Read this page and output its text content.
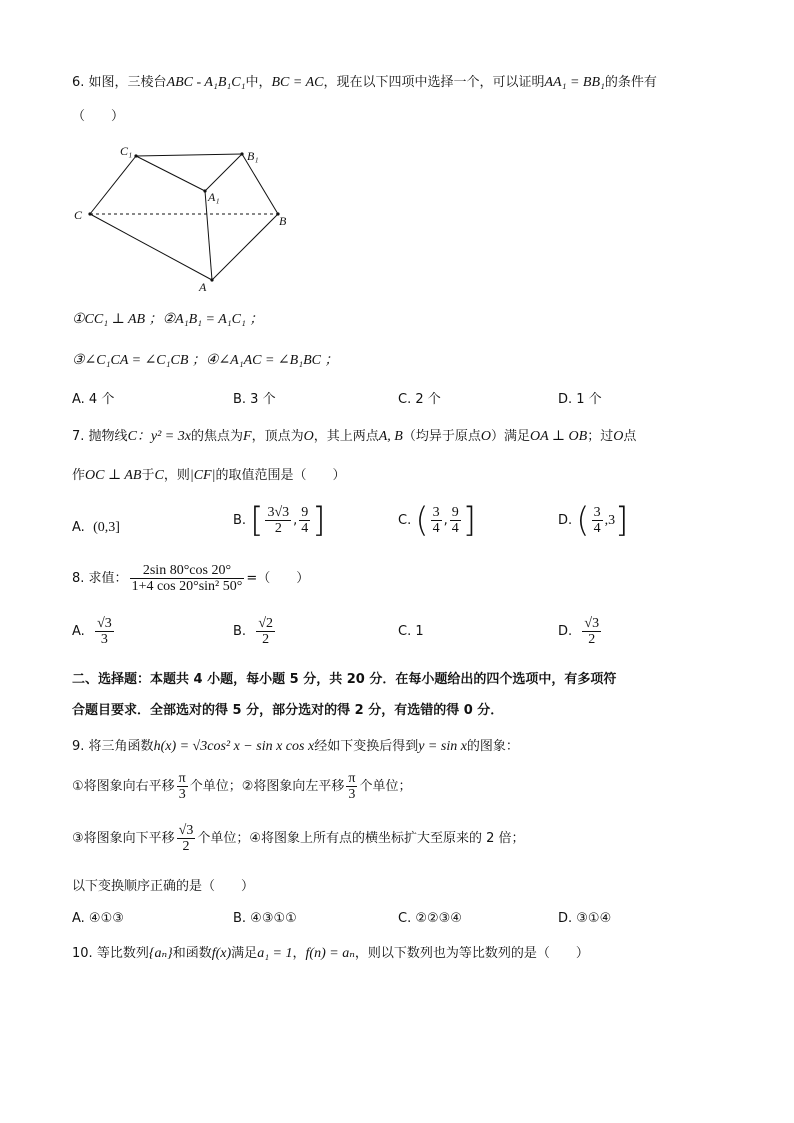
6. 如图，三棱台ABC - A₁B₁C₁中，BC = AC，现在以下四项中选择一个，可以证明AA₁ = BB₁的条件有
（　　）
C₁	B₁
A₁
C	B
A
①CC₁ ⊥ AB ；②A₁B₁ = A₁C₁ ；
③∠C₁CA = ∠C₁CB ；④∠A₁AC = ∠B₁BC ；
A. 4 个	B. 3 个	C. 2 个	D. 1 个
7. 抛物线C：y² = 3x的焦点为F，顶点为O，其上两点A, B（均异于原点O）满足OA ⊥ OB；过O点
作OC ⊥ AB于C，则|CF|的取值范围是（　　）
A. (0,3]	B. [ $\frac{3√3}{2}$ , $\frac{9}{4}$ ]	C. ( $\frac{3}{4}$ , $\frac{9}{4}$ ]	D. ( $\frac{3}{4} ,3$]
8. 求值： $\frac{2\sin 80^\circ\cos 20^\circ}{\text{1+4 cos 20°sin² 50°}}$ =（　　）
A. $\frac{√3}{3}$	B. $\frac{√2}{2}$	C. 1	D. $\frac{√3}{2}$
二、选择题：本题共 4 小题，每小题 5 分，共 20 分．在每小题给出的四个选项中，有多项符
合题目要求．全部选对的得 5 分，部分选对的得 2 分，有选错的得 0 分．
9. 将三角函数h(x) = √3cos² x − sin x cos x经如下变换后得到y = sin x的图象：
①将图象向右平移 $\frac{\pi}{3}$ 个单位；②将图象向左平移 $\frac{\pi}{3}$ 个单位；
③将图象向下平移 $\frac{√3}{2}$ 个单位；④将图象上所有点的横坐标扩大至原来的 2 倍；
以下变换顺序正确的是（　　）
A. ④①③	B. ④③①①	C. ②②③④	D. ③①④
10. 等比数列{aₙ}和函数f(x)满足a₁ = 1，f(n) = aₙ，则以下数列也为等比数列的是（　　）
